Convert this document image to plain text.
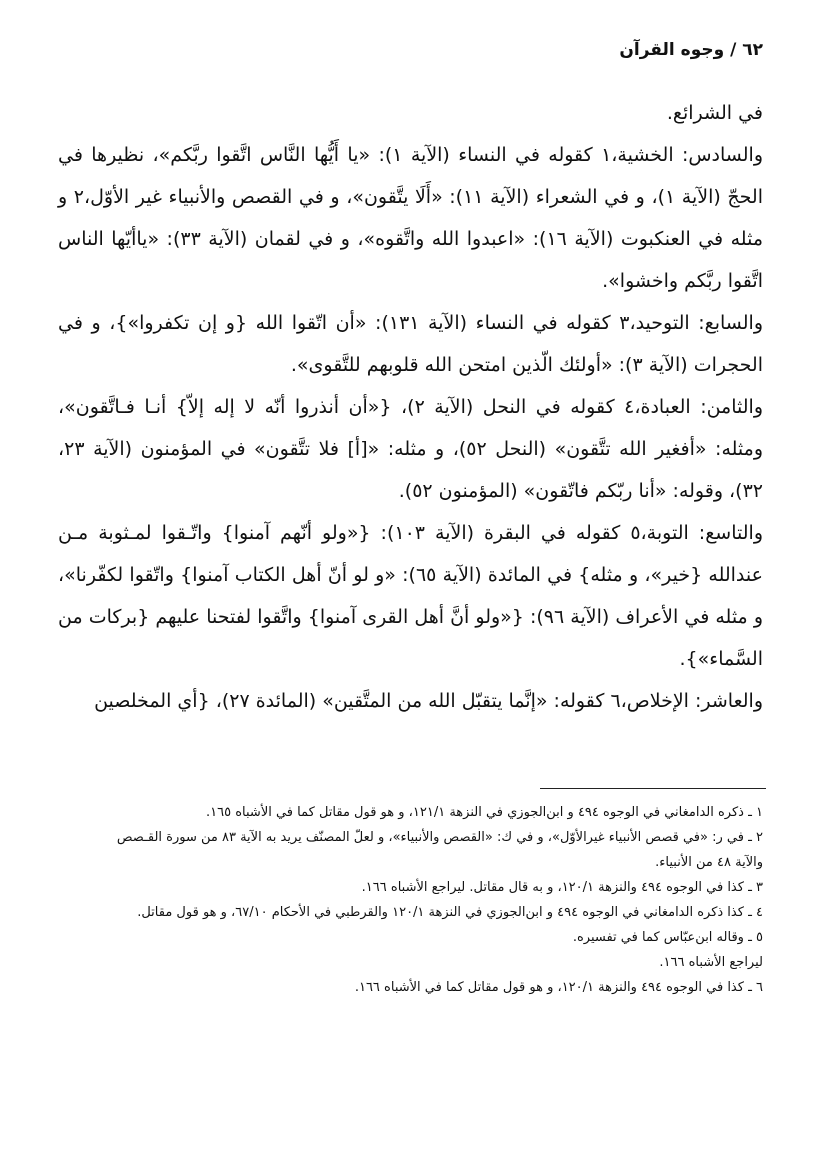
٦٢ / وجوه القرآن

في الشرائع.

والسادس: الخشية،١ كقوله في النساء (الآية ١): «يا أَيُّها النَّاس اتَّقوا ربَّكم»، نظيرها في الحجّ (الآية ١)، و في الشعراء (الآية ١١): «أَلَا يتَّقون»، و في القصص والأنبياء غير الأوّل،٢ و مثله في العنكبوت (الآية ١٦): «اعبدوا الله واتَّقوه»، و في لقمان (الآية ٣٣): «ياأيّها الناس اتَّقوا ربَّكم واخشوا».

والسابع: التوحيد،٣ كقوله في النساء (الآية ١٣١): «أن اتّقوا الله {و إن تكفروا»}، و في الحجرات (الآية ٣): «أولئك الّذين امتحن الله قلوبهم للتَّقوى».

والثامن: العبادة،٤ كقوله في النحل (الآية ٢)، {«أن أنذروا أنّه لا إله إلاّ} أنـا فـاتَّقون»، ومثله: «أفغير الله تتَّقون» (النحل ٥٢)، و مثله: «[أ] فلا تتَّقون» في المؤمنون (الآية ٢٣، ٣٢)، وقوله: «أنا ربّكم فاتّقون» (المؤمنون ٥٢).

والتاسع: التوبة،٥ كقوله في البقرة (الآية ١٠٣): {«ولو أنّهم آمنوا} واتّـقوا لمـثوبة مـن عندالله {خير»، و مثله} في المائدة (الآية ٦٥): «و لو أنّ أهل الكتاب آمنوا} واتّقوا لكفّرنا»، و مثله في الأعراف (الآية ٩٦): {«ولو أنَّ أهل القرى آمنوا} واتَّقوا لفتحنا عليهم {بركات من السَّماء»}.

والعاشر: الإخلاص،٦ كقوله: «إنَّما يتقبّل الله من المتَّقين» (المائدة ٢٧)، {أي المخلصين

١ ـ ذكره الدامغاني في الوجوه ٤٩٤ و ابن‌الجوزي في النزهة ١٢١/١، و هو قول مقاتل كما في الأشباه ١٦٥.

٢ ـ في ر: «في قصص الأنبياء غيرالأوّل»، و في ك: «القصص والأنبياء»، و لعلّ المصنّف يريد به الآية ٨٣ من سورة القـصص

والآية ٤٨ من الأنبياء.

٣ ـ كذا في الوجوه ٤٩٤ والنزهة ١٢٠/١، و به قال مقاتل. ليراجع الأشباه ١٦٦.

٤ ـ كذا ذكره الدامغاني في الوجوه ٤٩٤ و ابن‌الجوزي في النزهة ١٢٠/١ والقرطبي في الأحكام ٦٧/١٠، و هو قول مقاتل.

٥ ـ وقاله ابن‌عبّاس كما في تفسيره.

ليراجع الأشباه ١٦٦.

٦ ـ كذا في الوجوه ٤٩٤ والنزهة ١٢٠/١، و هو قول مقاتل كما في الأشباه ١٦٦.
